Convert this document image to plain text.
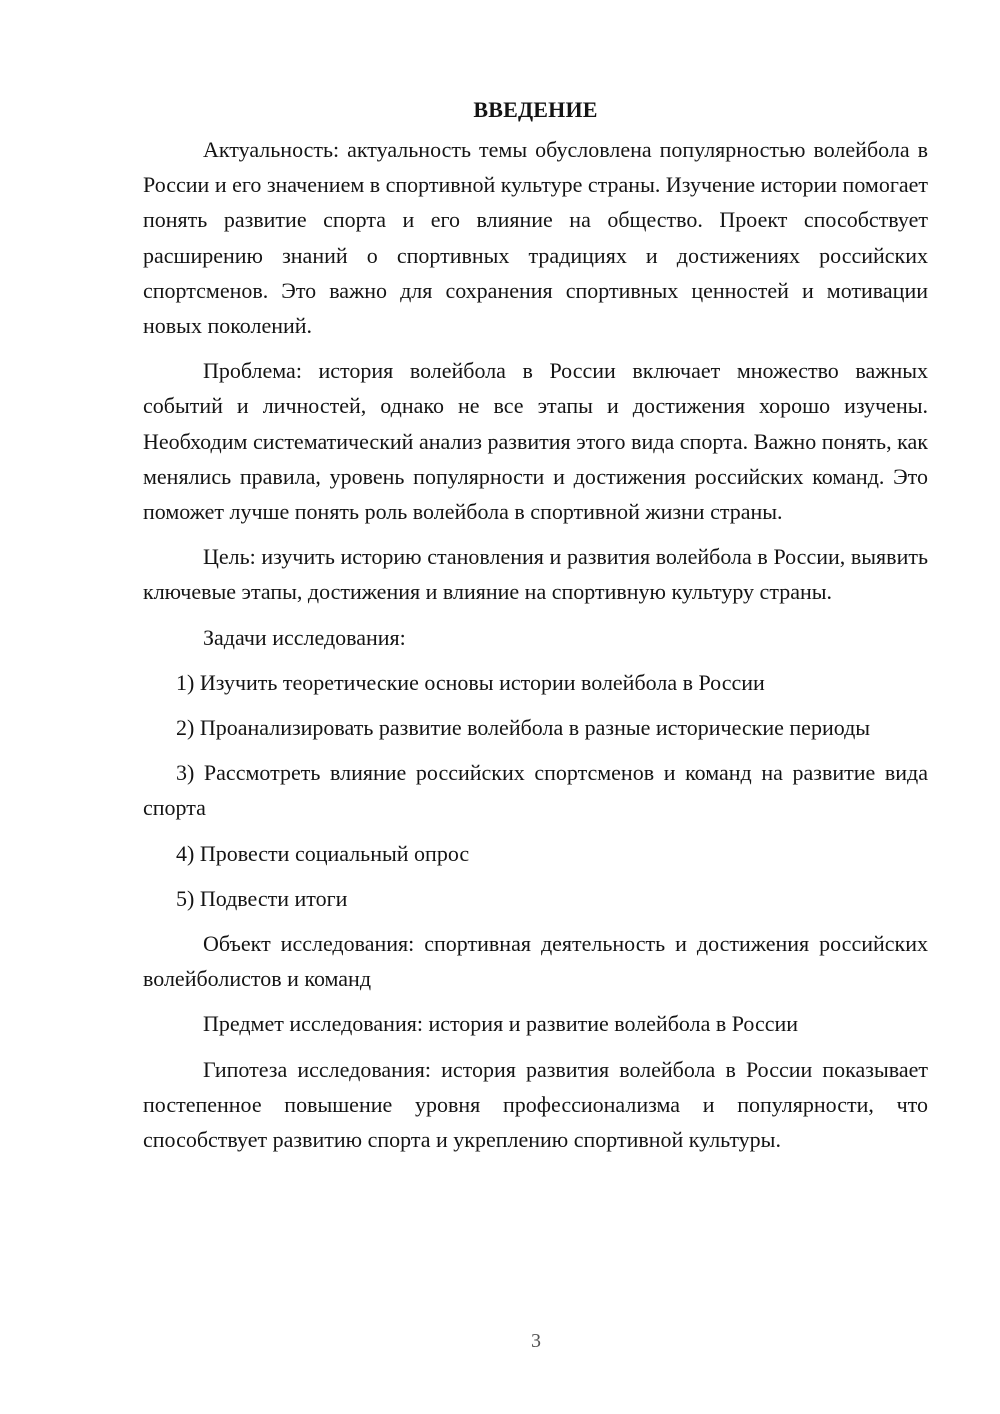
ВВЕДЕНИЕ

Актуальность: актуальность темы обусловлена популярностью волейбола в России и его значением в спортивной культуре страны. Изучение истории помогает понять развитие спорта и его влияние на общество. Проект способствует расширению знаний о спортивных традициях и достижениях российских спортсменов. Это важно для сохранения спортивных ценностей и мотивации новых поколений.

Проблема: история волейбола в России включает множество важных событий и личностей, однако не все этапы и достижения хорошо изучены. Необходим систематический анализ развития этого вида спорта. Важно понять, как менялись правила, уровень популярности и достижения российских команд. Это поможет лучше понять роль волейбола в спортивной жизни страны.

Цель: изучить историю становления и развития волейбола в России, выявить ключевые этапы, достижения и влияние на спортивную культуру страны.

Задачи исследования:

1) Изучить теоретические основы истории волейбола в России

2) Проанализировать развитие волейбола в разные исторические периоды

3) Рассмотреть влияние российских спортсменов и команд на развитие вида спорта

4) Провести социальный опрос

5) Подвести итоги

Объект исследования: спортивная деятельность и достижения российских волейболистов и команд

Предмет исследования: история и развитие волейбола в России

Гипотеза исследования: история развития волейбола в России показывает постепенное повышение уровня профессионализма и популярности, что способствует развитию спорта и укреплению спортивной культуры.

3
